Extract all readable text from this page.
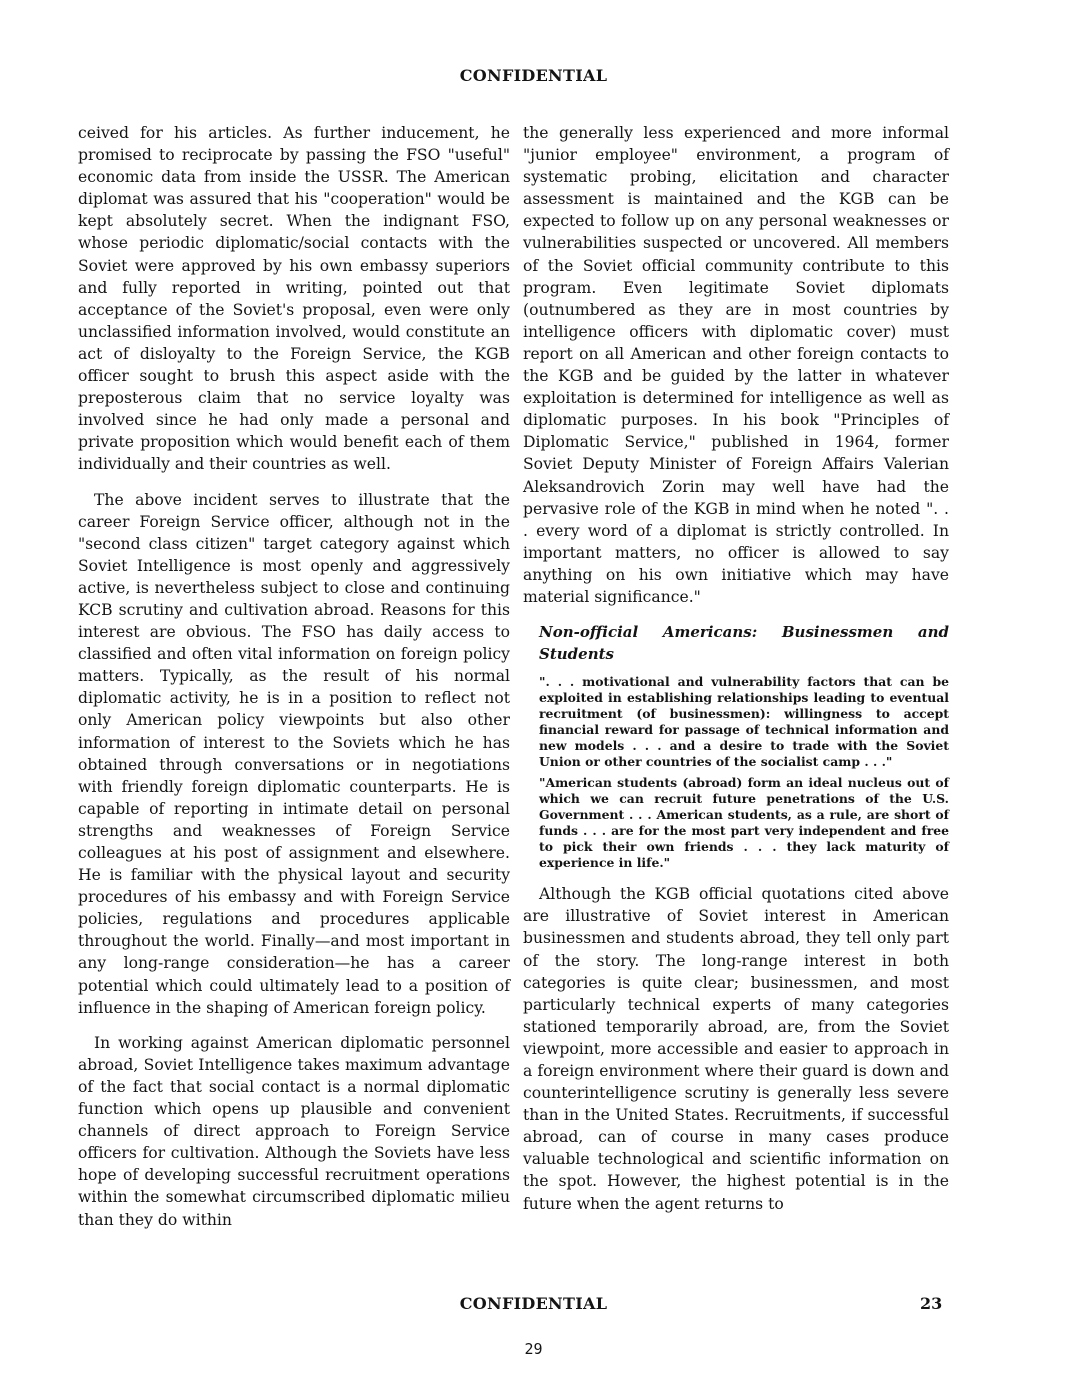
CONFIDENTIAL

ceived for his articles. As further inducement, he promised to reciprocate by passing the FSO "useful" economic data from inside the USSR. The American diplomat was assured that his "cooperation" would be kept absolutely secret. When the indignant FSO, whose periodic diplomatic/social contacts with the Soviet were approved by his own embassy superiors and fully reported in writing, pointed out that acceptance of the Soviet's proposal, even were only unclassified information involved, would constitute an act of disloyalty to the Foreign Service, the KGB officer sought to brush this aspect aside with the preposterous claim that no service loyalty was involved since he had only made a personal and private proposition which would benefit each of them individually and their countries as well.

The above incident serves to illustrate that the career Foreign Service officer, although not in the "second class citizen" target category against which Soviet Intelligence is most openly and aggressively active, is nevertheless subject to close and continuing KCB scrutiny and cultivation abroad. Reasons for this interest are obvious. The FSO has daily access to classified and often vital information on foreign policy matters. Typically, as the result of his normal diplomatic activity, he is in a position to reflect not only American policy viewpoints but also other information of interest to the Soviets which he has obtained through conversations or in negotiations with friendly foreign diplomatic counterparts. He is capable of reporting in intimate detail on personal strengths and weaknesses of Foreign Service colleagues at his post of assignment and elsewhere. He is familiar with the physical layout and security procedures of his embassy and with Foreign Service policies, regulations and procedures applicable throughout the world. Finally—and most important in any long-range consideration—he has a career potential which could ultimately lead to a position of influence in the shaping of American foreign policy.

In working against American diplomatic personnel abroad, Soviet Intelligence takes maximum advantage of the fact that social contact is a normal diplomatic function which opens up plausible and convenient channels of direct approach to Foreign Service officers for cultivation. Although the Soviets have less hope of developing successful recruitment operations within the somewhat circumscribed diplomatic milieu than they do within

the generally less experienced and more informal "junior employee" environment, a program of systematic probing, elicitation and character assessment is maintained and the KGB can be expected to follow up on any personal weaknesses or vulnerabilities suspected or uncovered. All members of the Soviet official community contribute to this program. Even legitimate Soviet diplomats (outnumbered as they are in most countries by intelligence officers with diplomatic cover) must report on all American and other foreign contacts to the KGB and be guided by the latter in whatever exploitation is determined for intelligence as well as diplomatic purposes. In his book "Principles of Diplomatic Service," published in 1964, former Soviet Deputy Minister of Foreign Affairs Valerian Aleksandrovich Zorin may well have had the pervasive role of the KGB in mind when he noted ". . . every word of a diplomat is strictly controlled. In important matters, no officer is allowed to say anything on his own initiative which may have material significance."

Non-official Americans: Businessmen and Students
". . . motivational and vulnerability factors that can be exploited in establishing relationships leading to eventual recruitment (of businessmen): willingness to accept financial reward for passage of technical information and new models . . . and a desire to trade with the Soviet Union or other countries of the socialist camp . . ."
"American students (abroad) form an ideal nucleus out of which we can recruit future penetrations of the U.S. Government . . . American students, as a rule, are short of funds . . . are for the most part very independent and free to pick their own friends . . . they lack maturity of experience in life."

Although the KGB official quotations cited above are illustrative of Soviet interest in American businessmen and students abroad, they tell only part of the story. The long-range interest in both categories is quite clear; businessmen, and most particularly technical experts of many categories stationed temporarily abroad, are, from the Soviet viewpoint, more accessible and easier to approach in a foreign environment where their guard is down and counterintelligence scrutiny is generally less severe than in the United States. Recruitments, if successful abroad, can of course in many cases produce valuable technological and scientific information on the spot. However, the highest potential is in the future when the agent returns to

CONFIDENTIAL	23
29
